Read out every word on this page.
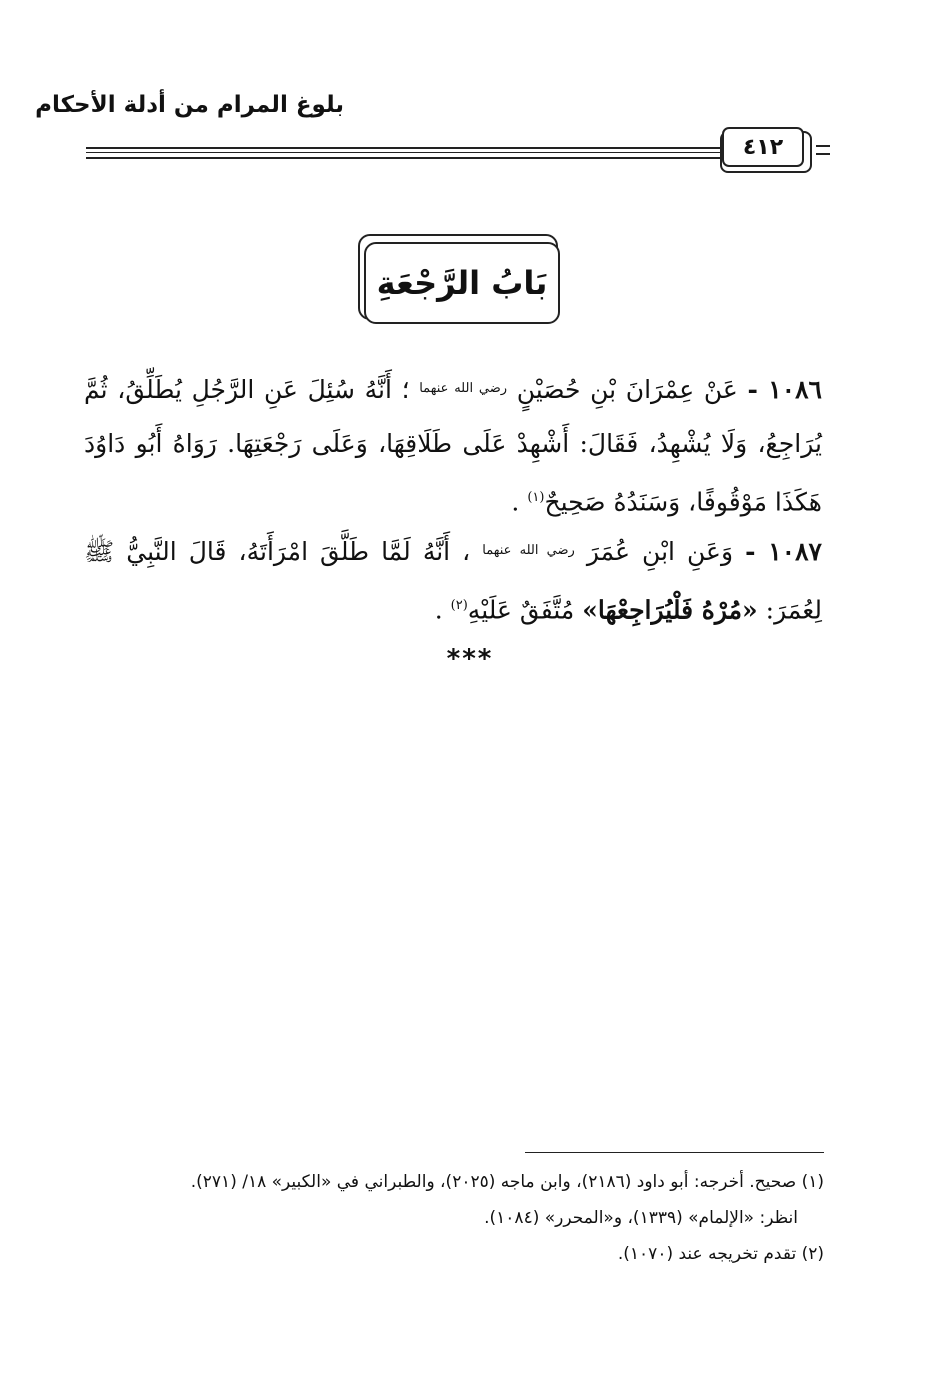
بلوغ المرام من أدلة الأحكام
٤١٢
بَابُ الرَّجْعَةِ
١٠٨٦ - عَنْ عِمْرَانَ بْنِ حُصَيْنٍ $^{رضي الله عنهما}$ ؛ أَنَّهُ سُئِلَ عَنِ الرَّجُلِ يُطَلِّقُ، ثُمَّ يُرَاجِعُ، وَلَا يُشْهِدُ، فَقَالَ: أَشْهِدْ عَلَى طَلَاقِهَا، وَعَلَى رَجْعَتِهَا. رَوَاهُ أَبُو دَاوُدَ هَكَذَا مَوْقُوفًا، وَسَنَدُهُ صَحِيحٌ$^{(١)}$ .
١٠٨٧ - وَعَنِ ابْنِ عُمَرَ $^{رضي الله عنهما}$ ، أَنَّهُ لَمَّا طَلَّقَ امْرَأَتَهُ، قَالَ النَّبِيُّ ﷺ لِعُمَرَ: «مُرْهُ فَلْيُرَاجِعْهَا» مُتَّفَقٌ عَلَيْهِ$^{(٢)}$ .
***

(١) صحيح. أخرجه: أبو داود (٢١٨٦)، وابن ماجه (٢٠٢٥)، والطبراني في «الكبير» ١٨/ (٢٧١).

انظر: «الإلمام» (١٣٣٩)، و«المحرر» (١٠٨٤).

(٢) تقدم تخريجه عند (١٠٧٠).
